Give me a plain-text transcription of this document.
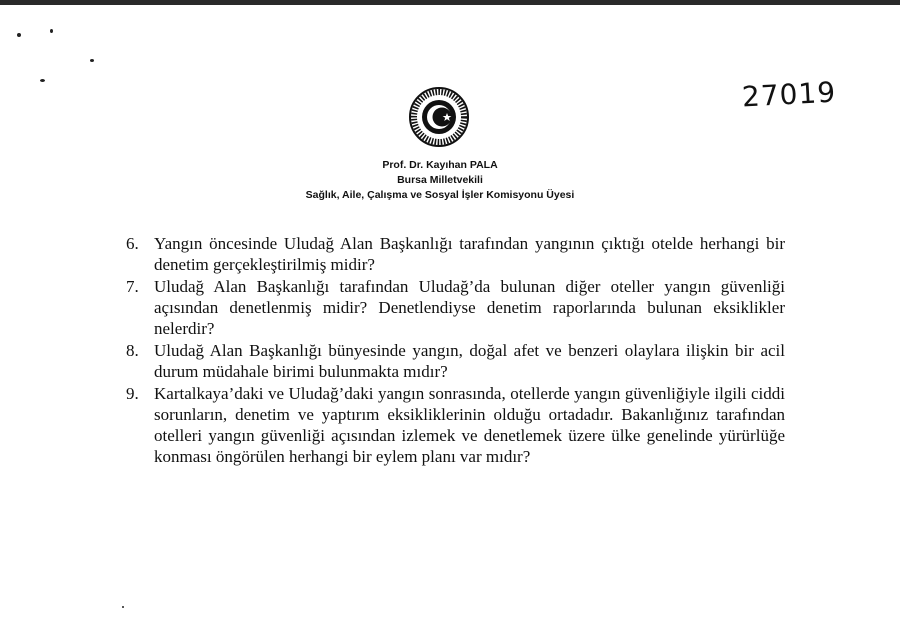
27019
Prof. Dr. Kayıhan PALA
Bursa Milletvekili
Sağlık, Aile, Çalışma ve Sosyal İşler Komisyonu Üyesi
6. Yangın öncesinde Uludağ Alan Başkanlığı tarafından yangının çıktığı otelde herhangi bir denetim gerçekleştirilmiş midir?
7. Uludağ Alan Başkanlığı tarafından Uludağ’da bulunan diğer oteller yangın güvenliği açısından denetlenmiş midir? Denetlendiyse denetim raporlarında bulunan eksiklikler nelerdir?
8. Uludağ Alan Başkanlığı bünyesinde yangın, doğal afet ve benzeri olaylara ilişkin bir acil durum müdahale birimi bulunmakta mıdır?
9. Kartalkaya’daki ve Uludağ’daki yangın sonrasında, otellerde yangın güvenliğiyle ilgili ciddi sorunların, denetim ve yaptırım eksikliklerinin olduğu ortadadır. Bakanlığınız tarafından otelleri yangın güvenliği açısından izlemek ve denetlemek üzere ülke genelinde yürürlüğe konması öngörülen herhangi bir eylem planı var mıdır?
